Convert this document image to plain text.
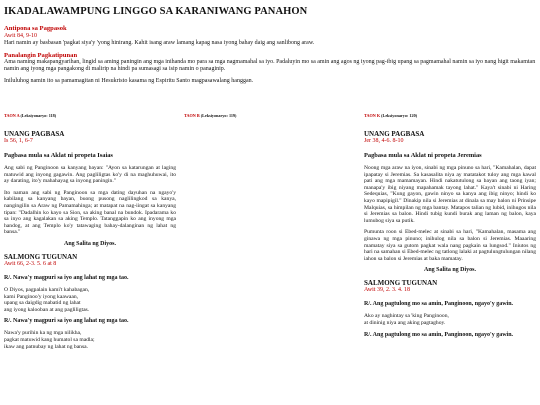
IKADALAWAMPUNG LINGGO SA KARANIWANG PANAHON
Antipona sa Pagpasok
Awit 84, 9-10

Hari namin ay basbasan 'pagkat siya'y 'yong hinirang. Kahit isang araw lamang kapag nasa iyong bahay daig ang sanlibong araw.

Panalangin Pagkatipunan

Ama naming makapangyarihan, lingid sa aming paningin ang mga inihanda mo para sa mga nagmamahal sa iyo. Padaluyin mo sa amin ang agos ng iyong pag-ibig upang sa pagmamahal namin sa iyo nang higit makamtan namin ang iyong mga pangakong di malirip na hindi pa sumasagi sa isip namin o panaginip.

Iniluluhog namin ito sa pamamagitan ni Hesukristo kasama ng Espiritu Santo magpasawalang hanggan.

TAON A (Leksiyonaryo: 118)
UNANG PAGBASA
Is 56, 1, 6-7
Pagbasa mula sa Aklat ni propeta Isaias

Ang sabi ng Panginoon sa kanyang bayan: "Ayon sa katarungan at laging matuwid ang inyong gagawin. Ang pagliligtas ko'y di na maghuhuwai, ito ay darating, ito'y mahahayag sa inyong paningin."

Ito naman ang sabi ng Panginoon sa mga dating dayuhan na ngayo'y kabilang sa kanyang bayan, buong pusong naglilingkod sa kanya, nangingilin sa Araw ng Pamamahinga; at matapat na nag-iingat sa kanyang tipan: "Dadalhin ko kayo sa Sion, sa aking banal na bundok. Ipadarama ko sa inyo ang kagalakan sa aking Templo. Tatanggapin ko ang inyong mga handog, at ang Templo ko'y tatawaging bahay-dalanginan ng lahat ng bansa."

Ang Salita ng Diyos.
SALMONG TUGUNAN
Awit 66, 2-3. 5. 6 at 8
R/. Nawa'y magpuri sa iyo ang lahat ng mga tao.
O Diyos, pagpalain kami't kahabagan,
kami Panginoo'y iyong kaawaan,
upang sa daigdig mabatid ng lahat
ang iyong kalooban at ang pagliligtas.
R/. Nawa'y magpuri sa iyo ang lahat ng mga tao.
Nawa'y purihin ka ng mga nilikha,
pagkat matuwid kang humatol sa madla;
ikaw ang patnubay ng lahat ng bansa.
TAON B (Leksiyonaryo: 119)	TAON K (Leksiyonaryo: 120)
UNANG PAGBASA
Jer 38, 4-6. 8-10
Pagbasa mula sa Aklat ni propeta Jeremias

Noong mga araw na iyon, sinabi ng mga pinuno sa hari, "Kamahalan, dapat ipapatay si Jeremias. Sa kasasalita niya ay matatakot tuloy ang mga kawal pati ang mga mamamayan. Hindi nakatutulong sa bayan ang taong iyan; manapa'y ibig niyang mapahamak tayong lahat." Kaya't sinabi ni Haring Sedequias, "Kung gayon, gawin ninyo sa kanya ang ibig ninyo; hindi ko kayo mapipigil." Dinakip nila si Jeremias at dinala sa may balon ni Prinsipe Malquias, sa himpilan ng mga bantay. Matapos talian ng lubid, inihugos nila si Jeremias sa balon. Hindi tubig kundi burak ang laman ng balon, kaya lumubog siya sa putik.

Pumunta roon si Ebed-melec at sinabi sa hari, "Kamahalan, masama ang ginawa ng mga pinuno; inihulog nila sa balon si Jeremias. Maaaring mamatay siya sa gutom pagkat wala nang pagkain sa lungsod." Iniutos ng hari na samahan si Ebed-melec ng tatlong lalaki at pagtulungtulungan nilang iahon sa balon si Jeremias at baka mamatay.

Ang Salita ng Diyos.
SALMONG TUGUNAN
Awit 39, 2. 3. 4. 18
R/. Ang pagtulong mo sa amin, Panginoon, ngayo'y gawin.
Ako ay naghintay sa 'king Panginoon,
at dininig niya ang aking pagtaghoy.
R/. Ang pagtulong mo sa amin, Panginoon, ngayo'y gawin.
